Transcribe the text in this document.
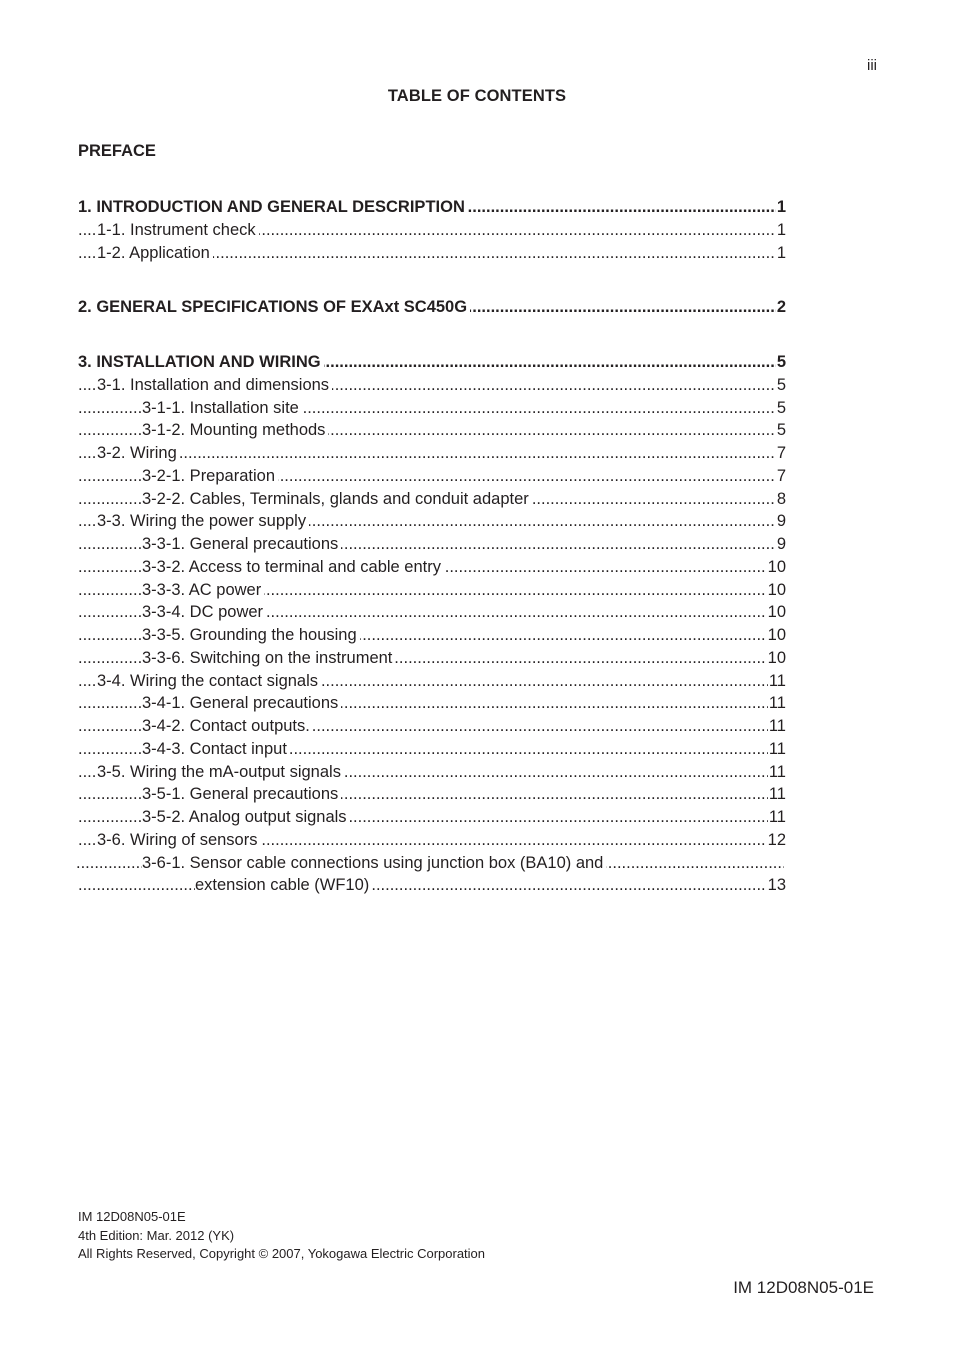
iii
TABLE OF CONTENTS
PREFACE
.....
1. INTRODUCTION AND GENERAL DESCRIPTION	1
.....
1-1. Instrument check	1
.....
1-2. Application	1
.....
2. GENERAL SPECIFICATIONS OF EXAxt SC450G	2
.....
3. INSTALLATION AND WIRING	5
.....
3-1. Installation and dimensions	5
.....
3-1-1. Installation site	5
.....
3-1-2. Mounting methods	5
.....
3-2. Wiring	7
.....
3-2-1. Preparation	7
.....
3-2-2. Cables, Terminals, glands and conduit adapter	8
.....
3-3. Wiring the power supply	9
.....
3-3-1. General precautions	9
.....
3-3-2. Access to terminal and cable entry	10
.....
3-3-3. AC power	10
.....
3-3-4. DC power	10
.....
3-3-5. Grounding the housing	10
.....
3-3-6. Switching on the instrument	10
.....
3-4. Wiring the contact signals	11
.....
3-4-1. General precautions	11
.....
3-4-2. Contact outputs.	11
.....
3-4-3. Contact input	11
.....
3-5. Wiring the mA-output signals	11
.....
3-5-1. General precautions	11
.....
3-5-2. Analog output signals	11
.....
3-6. Wiring of sensors	12
.....
3-6-1. Sensor cable connections using junction box (BA10) and
.....
extension cable (WF10)	13
IM 12D08N05-01E
4th Edition: Mar. 2012 (YK)
All Rights Reserved, Copyright © 2007, Yokogawa Electric Corporation
IM 12D08N05-01E
